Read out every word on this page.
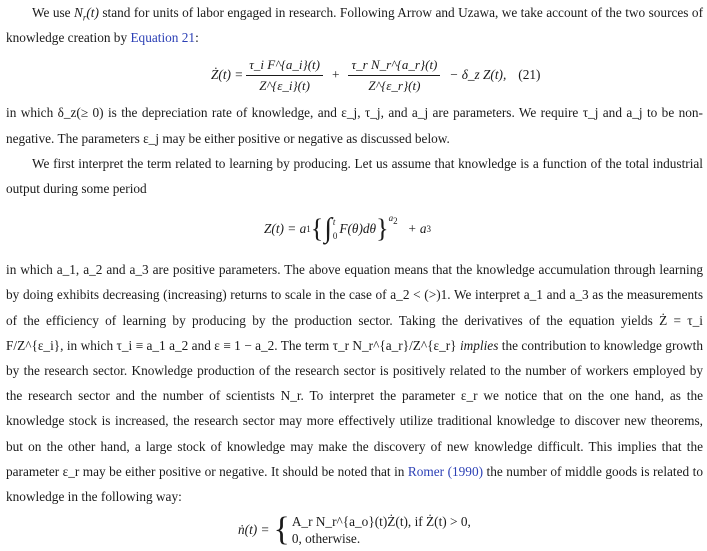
We use $N_r(t)$ stand for units of labor engaged in research. Following Arrow and Uzawa, we take account of the two sources of knowledge creation by Equation 21:

Ż(t) = $\frac{\text{τ\_i F\textasciicircum{}\{a\_i\}(t)}}{Z\^{}\{\varepsilon\_i\}(t)} + \frac{\text{τ\_r N\_r\textasciicircum{}\{a\_r\}(t)}}{Z\^{}\{\varepsilon\_r\}(t)}$ − δ_z Z(t), (21)

in which δ_z(≥ 0) is the depreciation rate of knowledge, and ε_j, τ_j, and a_j are parameters. We require τ_j and a_j to be non-negative. The parameters ε_j may be either positive or negative as discussed below.

We first interpret the term related to learning by producing. Let us assume that knowledge is a function of the total industrial output during some period

Z(t) = a 1 { ∫ t
0 F(θ)dθ } $^{a_2}$
+ a 3

in which a_1, a_2 and a_3 are positive parameters. The above equation means that the knowledge accumulation through learning by doing exhibits decreasing (increasing) returns to scale in the case of a_2 < (>)1. We interpret a_1 and a_3 as the measurements of the efficiency of learning by producing by the production sector. Taking the derivatives of the equation yields Ż = τ_i F/Z^{ε_i}, in which τ_i ≡ a_1 a_2 and ε ≡ 1 − a_2. The term τ_r N_r^{a_r}/Z^{ε_r} implies the contribution to knowledge growth by the research sector. Knowledge production of the research sector is positively related to the number of workers employed by the research sector and the number of scientists N_r. To interpret the parameter ε_r we notice that on the one hand, as the knowledge stock is increased, the research sector may more effectively utilize traditional knowledge to discover new theorems, but on the other hand, a large stock of knowledge may make the discovery of new knowledge difficult. This implies that the parameter ε_r may be either positive or negative. It should be noted that in Romer (1990) the number of middle goods is related to knowledge in the following way:

ṅ(t) = { A_r N_r^{a_o}(t)Ż(t), if Ż(t) > 0,
0, otherwise.
